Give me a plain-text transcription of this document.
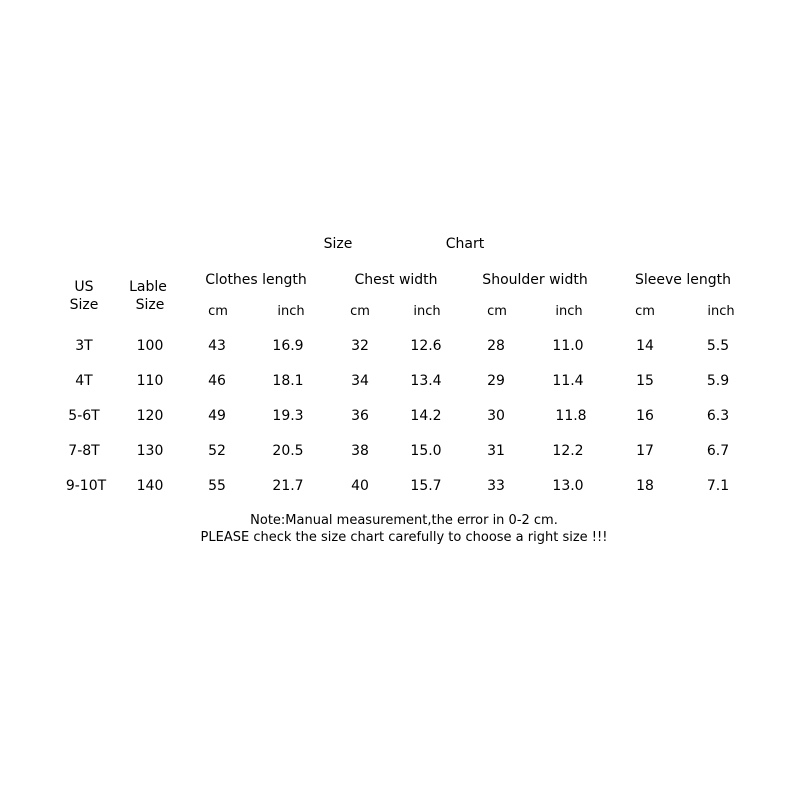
Size	Chart
US
Size
Lable
Size
Clothes length	Chest width	Shoulder width	Sleeve length
cm	inch	cm	inch	cm	inch	cm	inch
3T	100	43	16.9	32	12.6	28	11.0	14	5.5
4T	110	46	18.1	34	13.4	29	11.4	15	5.9
5-6T	120	49	19.3	36	14.2	30	11.8	16	6.3
7-8T	130	52	20.5	38	15.0	31	12.2	17	6.7
9-10T 140	55	21.7	40	15.7	33	13.0	18	7.1
Note:Manual measurement,the error in 0-2 cm.
PLEASE check the size chart carefully to choose a right size !!!
